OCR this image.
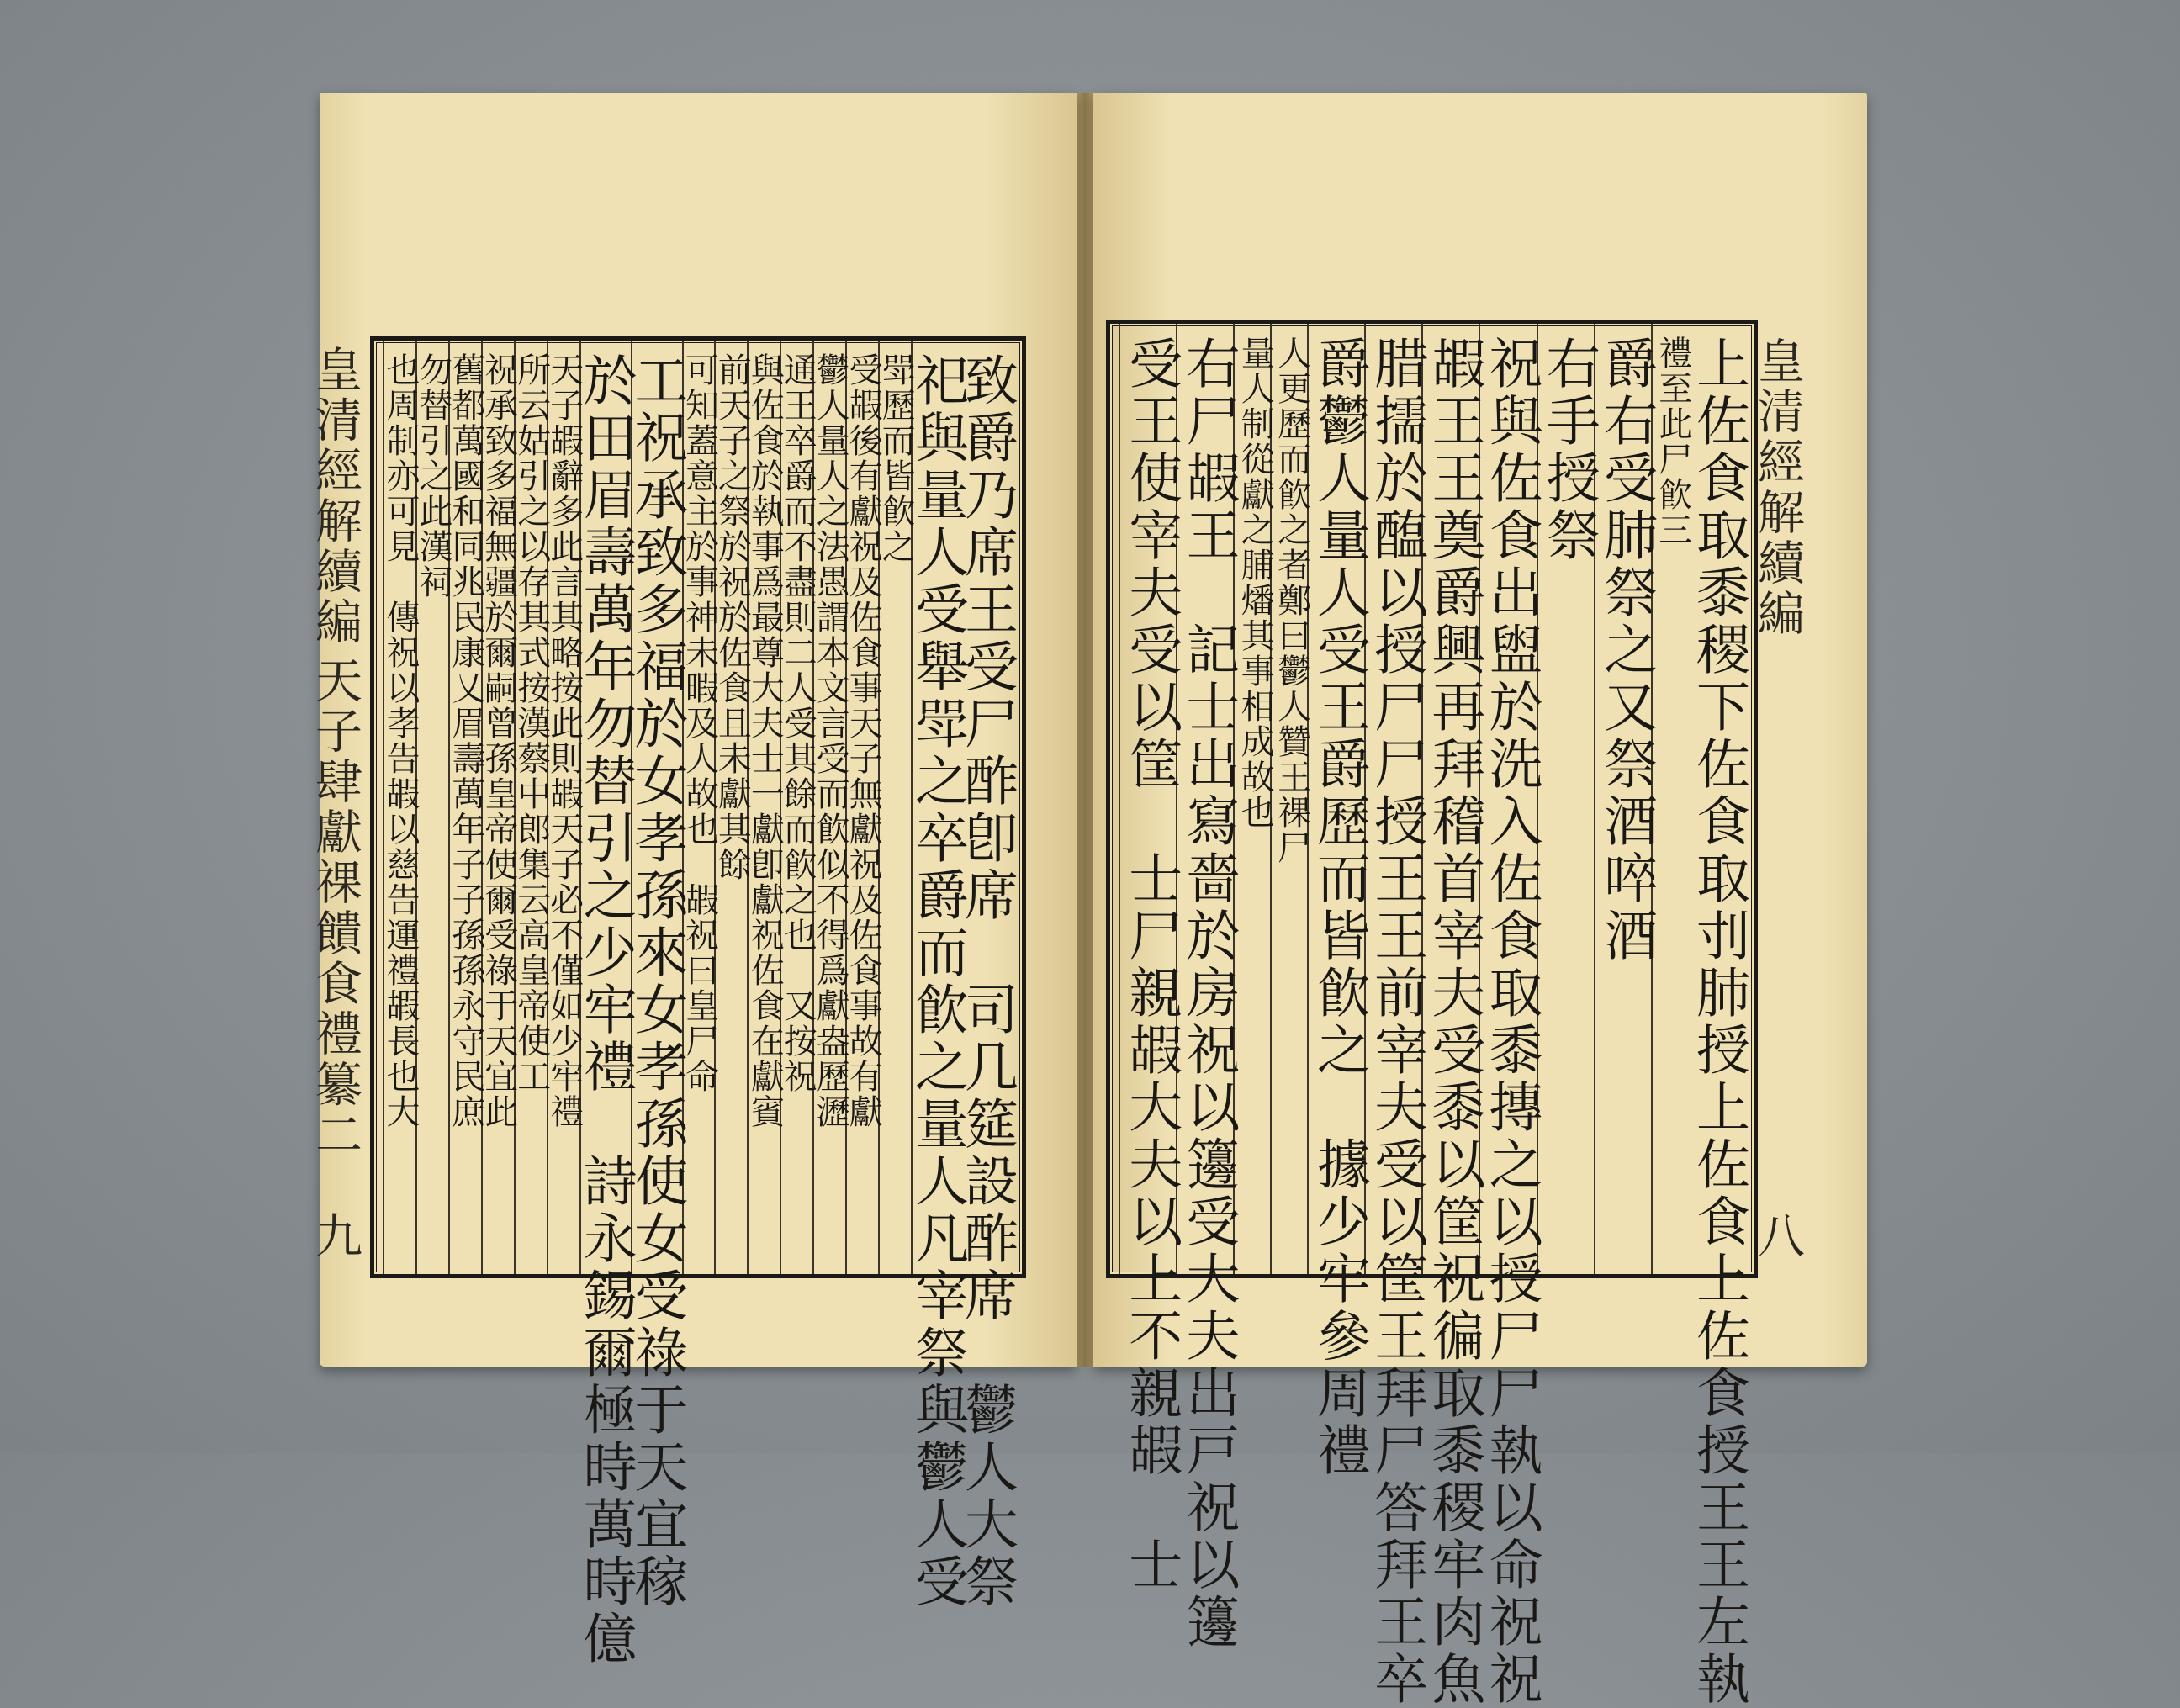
致爵乃席王受尸酢卽席　司几筵設酢席　鬱人大祭
祀與量人受舉斝之卒爵而飮之量人凡宰祭與鬱人受
斝歷而皆飮之
受嘏後有獻祝及佐食事天子無獻祝及佐食事故有獻
鬱人量人之法愚謂本文言受而飮似不得爲獻盎歷瀝
通王卒爵而不盡則二人受其餘而飮之也　又按祝
與佐食於執事爲最尊大夫士一獻卽獻祝佐食在獻賓
前天子之祭於祝於佐食且未獻其餘
可知蓋意主於事神未暇及人故也　嘏祝曰皇尸命
工祝承致多福於女孝孫來女孝孫使女受祿于天宜稼
於田眉壽萬年勿替引之少牢禮　詩永錫爾極時萬時億
天子嘏辭多此言其略按此則嘏天子必不僅如少牢禮
所云姑引之以存其式按漢蔡中郎集云高皇帝使工
祝承致多福無疆於爾嗣曾孫皇帝使爾受祿于天宜此
舊都萬國和同兆民康乂眉壽萬年子子孫孫永守民庶
勿替引之此漢祠
也周制亦可見　傳祝以孝告嘏以慈告運禮嘏長也大
皇清經解續編
天子肆獻祼饋食禮纂二
九	上佐食取黍稷下佐食取刌肺授上佐食上佐食授王王左執
禮至此尸飮三
爵右受肺祭之又祭酒啐酒
右手授祭
祝與佐食出盥於洗入佐食取黍摶之以授尸尸執以命祝祝
嘏王王奠爵興再拜稽首宰夫受黍以筐祝徧取黍稷牢肉魚
腊擩於醢以授尸尸授王王前宰夫受以筐王拜尸答拜王卒
爵鬱人量人受王爵歷而皆飮之　據少牢參周禮
人更歷而飮之者鄭曰鬱人贊王祼尸
量人制從獻之脯燔其事相成故也
右尸嘏王　記士出寫嗇於房祝以籩受大夫出戸祝以籩
受王使宰夫受以筐　士尸親嘏大夫以上不親嘏　士	皇清經解續編
八
